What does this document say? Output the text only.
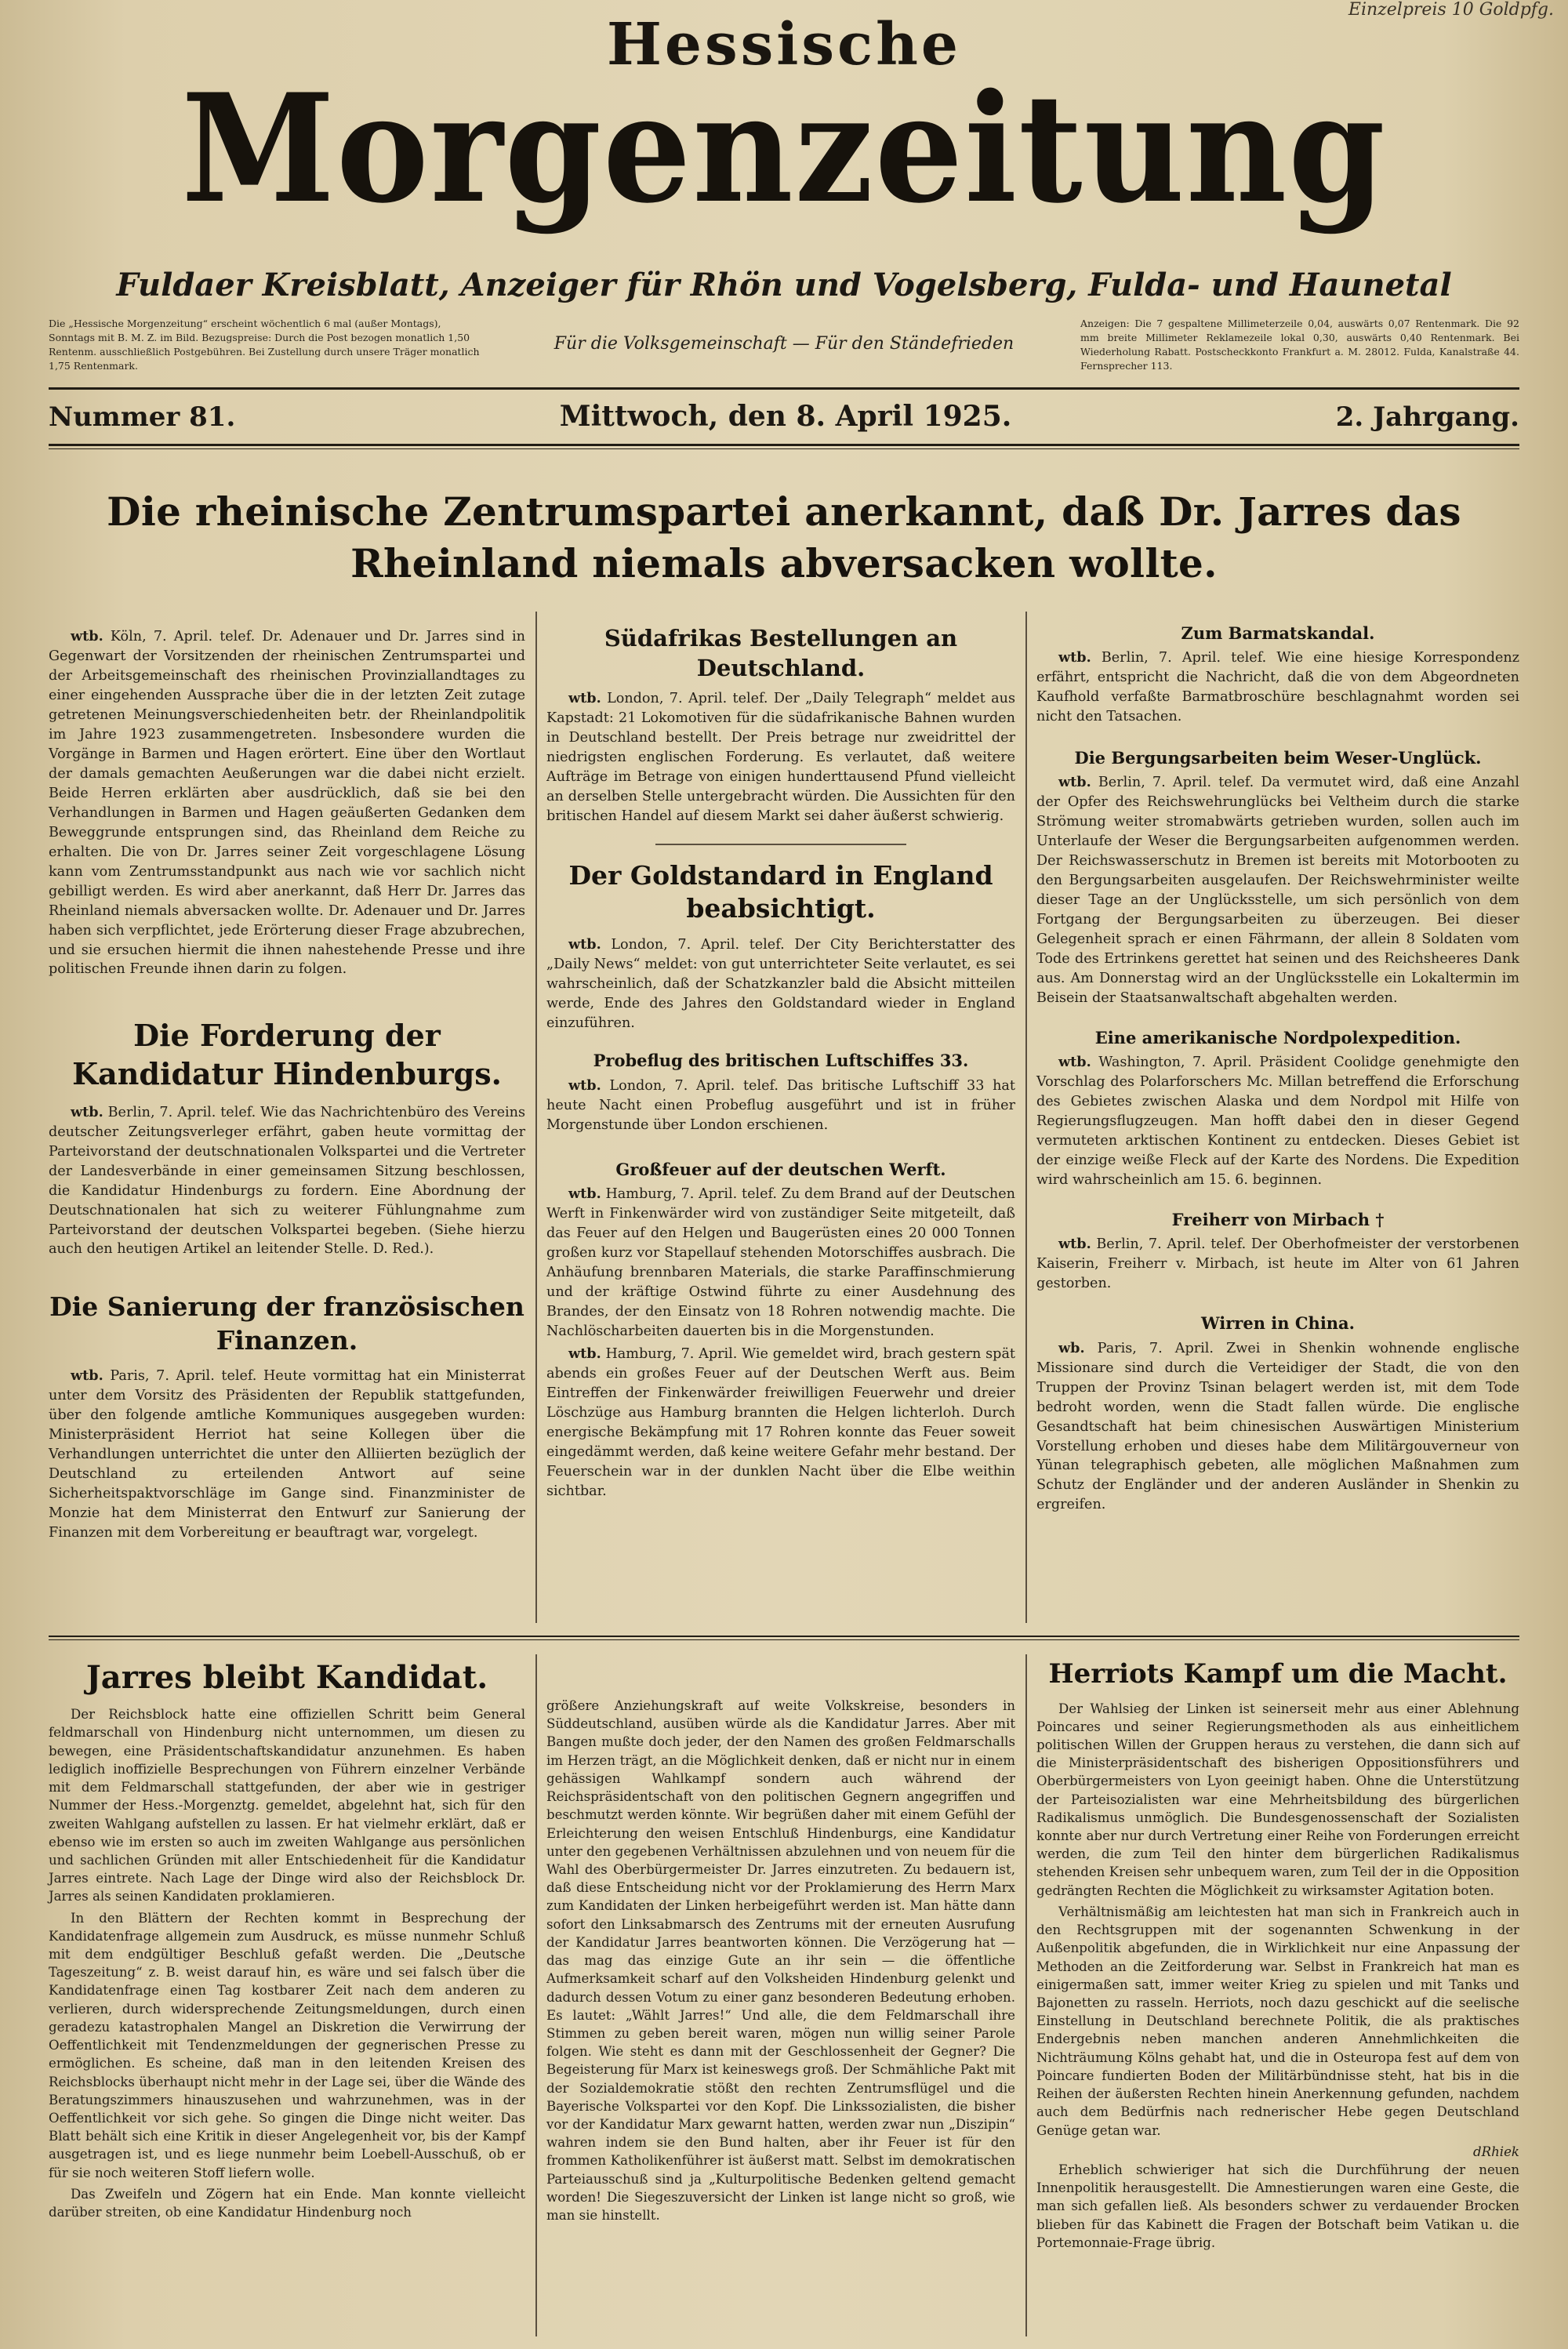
Einzelpreis 10 Goldpfg.
Hessische
Morgenzeitung
Fuldaer Kreisblatt, Anzeiger für Rhön und Vogelsberg, Fulda- und Haunetal
Die „Hessische Morgenzeitung“ erscheint wöchentlich 6 mal (außer Montags), Sonntags mit B. M. Z. im Bild. Bezugspreise: Durch die Post bezogen monatlich 1,50 Rentenm. ausschließlich Postgebühren. Bei Zustellung durch unsere Träger monatlich 1,75 Rentenmark.
Für die Volksgemeinschaft — Für den Ständefrieden
Anzeigen: Die 7 gespaltene Millimeterzeile 0,04, auswärts 0,07 Rentenmark. Die 92 mm breite Millimeter Reklamezeile lokal 0,30, auswärts 0,40 Rentenmark. Bei Wiederholung Rabatt. Postscheckkonto Frankfurt a. M. 28012. Fulda, Kanalstraße 44. Fernsprecher 113.
Nummer 81.	Mittwoch, den 8. April 1925.	2. Jahrgang.
Die rheinische Zentrumspartei anerkannt, daß Dr. Jarres das Rheinland niemals abversacken wollte.

wtb. Köln, 7. April. telef. Dr. Adenauer und Dr. Jarres sind in Gegenwart der Vorsitzenden der rheinischen Zentrumspartei und der Arbeitsgemeinschaft des rheinischen Provinziallandtages zu einer eingehenden Aussprache über die in der letzten Zeit zutage getretenen Meinungsverschiedenheiten betr. der Rheinlandpolitik im Jahre 1923 zusammengetreten. Insbesondere wurden die Vorgänge in Barmen und Hagen erörtert. Eine über den Wortlaut der damals gemachten Aeußerungen war die dabei nicht erzielt. Beide Herren erklärten aber ausdrücklich, daß sie bei den Verhandlungen in Barmen und Hagen geäußerten Gedanken dem Beweggrunde entsprungen sind, das Rheinland dem Reiche zu erhalten. Die von Dr. Jarres seiner Zeit vorgeschlagene Lösung kann vom Zentrumsstandpunkt aus nach wie vor sachlich nicht gebilligt werden. Es wird aber anerkannt, daß Herr Dr. Jarres das Rheinland niemals abversacken wollte. Dr. Adenauer und Dr. Jarres haben sich verpflichtet, jede Erörterung dieser Frage abzubrechen, und sie ersuchen hiermit die ihnen nahestehende Presse und ihre politischen Freunde ihnen darin zu folgen.

Die Forderung der Kandidatur Hindenburgs.

wtb. Berlin, 7. April. telef. Wie das Nachrichtenbüro des Vereins deutscher Zeitungsverleger erfährt, gaben heute vormittag der Parteivorstand der deutschnationalen Volkspartei und die Vertreter der Landesverbände in einer gemeinsamen Sitzung beschlossen, die Kandidatur Hindenburgs zu fordern. Eine Abordnung der Deutschnationalen hat sich zu weiterer Fühlungnahme zum Parteivorstand der deutschen Volkspartei begeben. (Siehe hierzu auch den heutigen Artikel an leitender Stelle. D. Red.).

Die Sanierung der französischen Finanzen.

wtb. Paris, 7. April. telef. Heute vormittag hat ein Ministerrat unter dem Vorsitz des Präsidenten der Republik stattgefunden, über den folgende amtliche Kommuniques ausgegeben wurden: Ministerpräsident Herriot hat seine Kollegen über die Verhandlungen unterrichtet die unter den Alliierten bezüglich der Deutschland zu erteilenden Antwort auf seine Sicherheitspaktvorschläge im Gange sind. Finanzminister de Monzie hat dem Ministerrat den Entwurf zur Sanierung der Finanzen mit dem Vorbereitung er beauftragt war, vorgelegt.

Südafrikas Bestellungen an Deutschland.

wtb. London, 7. April. telef. Der „Daily Telegraph“ meldet aus Kapstadt: 21 Lokomotiven für die südafrikanische Bahnen wurden in Deutschland bestellt. Der Preis betrage nur zweidrittel der niedrigsten englischen Forderung. Es verlautet, daß weitere Aufträge im Betrage von einigen hunderttausend Pfund vielleicht an derselben Stelle untergebracht würden. Die Aussichten für den britischen Handel auf diesem Markt sei daher äußerst schwierig.

Der Goldstandard in England beabsichtigt.

wtb. London, 7. April. telef. Der City Berichterstatter des „Daily News“ meldet: von gut unterrichteter Seite verlautet, es sei wahrscheinlich, daß der Schatzkanzler bald die Absicht mitteilen werde, Ende des Jahres den Goldstandard wieder in England einzuführen.

Probeflug des britischen Luftschiffes 33.

wtb. London, 7. April. telef. Das britische Luftschiff 33 hat heute Nacht einen Probeflug ausgeführt und ist in früher Morgenstunde über London erschienen.

Großfeuer auf der deutschen Werft.

wtb. Hamburg, 7. April. telef. Zu dem Brand auf der Deutschen Werft in Finkenwärder wird von zuständiger Seite mitgeteilt, daß das Feuer auf den Helgen und Baugerüsten eines 20 000 Tonnen großen kurz vor Stapellauf stehenden Motorschiffes ausbrach. Die Anhäufung brennbaren Materials, die starke Paraffinschmierung und der kräftige Ostwind führte zu einer Ausdehnung des Brandes, der den Einsatz von 18 Rohren notwendig machte. Die Nachlöscharbeiten dauerten bis in die Morgenstunden.

wtb. Hamburg, 7. April. Wie gemeldet wird, brach gestern spät abends ein großes Feuer auf der Deutschen Werft aus. Beim Eintreffen der Finkenwärder freiwilligen Feuerwehr und dreier Löschzüge aus Hamburg brannten die Helgen lichterloh. Durch energische Bekämpfung mit 17 Rohren konnte das Feuer soweit eingedämmt werden, daß keine weitere Gefahr mehr bestand. Der Feuerschein war in der dunklen Nacht über die Elbe weithin sichtbar.

Zum Barmatskandal.

wtb. Berlin, 7. April. telef. Wie eine hiesige Korrespondenz erfährt, entspricht die Nachricht, daß die von dem Abgeordneten Kaufhold verfaßte Barmatbroschüre beschlagnahmt worden sei nicht den Tatsachen.

Die Bergungsarbeiten beim Weser-Unglück.

wtb. Berlin, 7. April. telef. Da vermutet wird, daß eine Anzahl der Opfer des Reichswehrunglücks bei Veltheim durch die starke Strömung weiter stromabwärts getrieben wurden, sollen auch im Unterlaufe der Weser die Bergungsarbeiten aufgenommen werden. Der Reichswasserschutz in Bremen ist bereits mit Motorbooten zu den Bergungsarbeiten ausgelaufen. Der Reichswehrminister weilte dieser Tage an der Unglücksstelle, um sich persönlich von dem Fortgang der Bergungsarbeiten zu überzeugen. Bei dieser Gelegenheit sprach er einen Fährmann, der allein 8 Soldaten vom Tode des Ertrinkens gerettet hat seinen und des Reichsheeres Dank aus. Am Donnerstag wird an der Unglücksstelle ein Lokaltermin im Beisein der Staatsanwaltschaft abgehalten werden.

Eine amerikanische Nordpolexpedition.

wtb. Washington, 7. April. Präsident Coolidge genehmigte den Vorschlag des Polarforschers Mc. Millan betreffend die Erforschung des Gebietes zwischen Alaska und dem Nordpol mit Hilfe von Regierungsflugzeugen. Man hofft dabei den in dieser Gegend vermuteten arktischen Kontinent zu entdecken. Dieses Gebiet ist der einzige weiße Fleck auf der Karte des Nordens. Die Expedition wird wahrscheinlich am 15. 6. beginnen.

Freiherr von Mirbach †

wtb. Berlin, 7. April. telef. Der Oberhofmeister der verstorbenen Kaiserin, Freiherr v. Mirbach, ist heute im Alter von 61 Jahren gestorben.

Wirren in China.

wb. Paris, 7. April. Zwei in Shenkin wohnende englische Missionare sind durch die Verteidiger der Stadt, die von den Truppen der Provinz Tsinan belagert werden ist, mit dem Tode bedroht worden, wenn die Stadt fallen würde. Die englische Gesandtschaft hat beim chinesischen Auswärtigen Ministerium Vorstellung erhoben und dieses habe dem Militärgouverneur von Yünan telegraphisch gebeten, alle möglichen Maßnahmen zum Schutz der Engländer und der anderen Ausländer in Shenkin zu ergreifen.

Jarres bleibt Kandidat.

Der Reichsblock hatte eine offiziellen Schritt beim General feldmarschall von Hindenburg nicht unternommen, um diesen zu bewegen, eine Präsidentschaftskandidatur anzunehmen. Es haben lediglich inoffizielle Besprechungen von Führern einzelner Verbände mit dem Feldmarschall stattgefunden, der aber wie in gestriger Nummer der Hess.-Morgenztg. gemeldet, abgelehnt hat, sich für den zweiten Wahlgang aufstellen zu lassen. Er hat vielmehr erklärt, daß er ebenso wie im ersten so auch im zweiten Wahlgange aus persönlichen und sachlichen Gründen mit aller Entschiedenheit für die Kandidatur Jarres eintrete. Nach Lage der Dinge wird also der Reichsblock Dr. Jarres als seinen Kandidaten proklamieren.

In den Blättern der Rechten kommt in Besprechung der Kandidatenfrage allgemein zum Ausdruck, es müsse nunmehr Schluß mit dem endgültiger Beschluß gefaßt werden. Die „Deutsche Tageszeitung“ z. B. weist darauf hin, es wäre und sei falsch über die Kandidatenfrage einen Tag kostbarer Zeit nach dem anderen zu verlieren, durch widersprechende Zeitungsmeldungen, durch einen geradezu katastrophalen Mangel an Diskretion die Verwirrung der Oeffentlichkeit mit Tendenzmeldungen der gegnerischen Presse zu ermöglichen. Es scheine, daß man in den leitenden Kreisen des Reichsblocks überhaupt nicht mehr in der Lage sei, über die Wände des Beratungszimmers hinauszusehen und wahrzunehmen, was in der Oeffentlichkeit vor sich gehe. So gingen die Dinge nicht weiter. Das Blatt behält sich eine Kritik in dieser Angelegenheit vor, bis der Kampf ausgetragen ist, und es liege nunmehr beim Loebell-Ausschuß, ob er für sie noch weiteren Stoff liefern wolle.

Das Zweifeln und Zögern hat ein Ende. Man konnte vielleicht darüber streiten, ob eine Kandidatur Hindenburg noch

größere Anziehungskraft auf weite Volkskreise, besonders in Süddeutschland, ausüben würde als die Kandidatur Jarres. Aber mit Bangen mußte doch jeder, der den Namen des großen Feldmarschalls im Herzen trägt, an die Möglichkeit denken, daß er nicht nur in einem gehässigen Wahlkampf sondern auch während der Reichspräsidentschaft von den politischen Gegnern angegriffen und beschmutzt werden könnte. Wir begrüßen daher mit einem Gefühl der Erleichterung den weisen Entschluß Hindenburgs, eine Kandidatur unter den gegebenen Verhältnissen abzulehnen und von neuem für die Wahl des Oberbürgermeister Dr. Jarres einzutreten. Zu bedauern ist, daß diese Entscheidung nicht vor der Proklamierung des Herrn Marx zum Kandidaten der Linken herbeigeführt werden ist. Man hätte dann sofort den Linksabmarsch des Zentrums mit der erneuten Ausrufung der Kandidatur Jarres beantworten können. Die Verzögerung hat — das mag das einzige Gute an ihr sein — die öffentliche Aufmerksamkeit scharf auf den Volksheiden Hindenburg gelenkt und dadurch dessen Votum zu einer ganz besonderen Bedeutung erhoben. Es lautet: „Wählt Jarres!“ Und alle, die dem Feldmarschall ihre Stimmen zu geben bereit waren, mögen nun willig seiner Parole folgen. Wie steht es dann mit der Geschlossenheit der Gegner? Die Begeisterung für Marx ist keineswegs groß. Der Schmähliche Pakt mit der Sozialdemokratie stößt den rechten Zentrumsflügel und die Bayerische Volkspartei vor den Kopf. Die Linkssozialisten, die bisher vor der Kandidatur Marx gewarnt hatten, werden zwar nun „Diszipin“ wahren indem sie den Bund halten, aber ihr Feuer ist für den frommen Katholikenführer ist äußerst matt. Selbst im demokratischen Parteiausschuß sind ja „Kulturpolitische Bedenken geltend gemacht worden! Die Siegeszuversicht der Linken ist lange nicht so groß, wie man sie hinstellt.

Herriots Kampf um die Macht.

Der Wahlsieg der Linken ist seinerseit mehr aus einer Ablehnung Poincares und seiner Regierungsmethoden als aus einheitlichem politischen Willen der Gruppen heraus zu verstehen, die dann sich auf die Ministerpräsidentschaft des bisherigen Oppositionsführers und Oberbürgermeisters von Lyon geeinigt haben. Ohne die Unterstützung der Parteisozialisten war eine Mehrheitsbildung des bürgerlichen Radikalismus unmöglich. Die Bundesgenossenschaft der Sozialisten konnte aber nur durch Vertretung einer Reihe von Forderungen erreicht werden, die zum Teil den hinter dem bürgerlichen Radikalismus stehenden Kreisen sehr unbequem waren, zum Teil der in die Opposition gedrängten Rechten die Möglichkeit zu wirksamster Agitation boten.

Verhältnismäßig am leichtesten hat man sich in Frankreich auch in den Rechtsgruppen mit der sogenannten Schwenkung in der Außenpolitik abgefunden, die in Wirklichkeit nur eine Anpassung der Methoden an die Zeitforderung war. Selbst in Frankreich hat man es einigermaßen satt, immer weiter Krieg zu spielen und mit Tanks und Bajonetten zu rasseln. Herriots, noch dazu geschickt auf die seelische Einstellung in Deutschland berechnete Politik, die als praktisches Endergebnis neben manchen anderen Annehmlichkeiten die Nichträumung Kölns gehabt hat, und die in Osteuropa fest auf dem von Poincare fundierten Boden der Militärbündnisse steht, hat bis in die Reihen der äußersten Rechten hinein Anerkennung gefunden, nachdem auch dem Bedürfnis nach rednerischer Hebe gegen Deutschland Genüge getan war.

dRhiek

Erheblich schwieriger hat sich die Durchführung der neuen Innenpolitik herausgestellt. Die Amnestierungen waren eine Geste, die man sich gefallen ließ. Als besonders schwer zu verdauender Brocken blieben für das Kabinett die Fragen der Botschaft beim Vatikan u. die Portemonnaie-Frage übrig.
